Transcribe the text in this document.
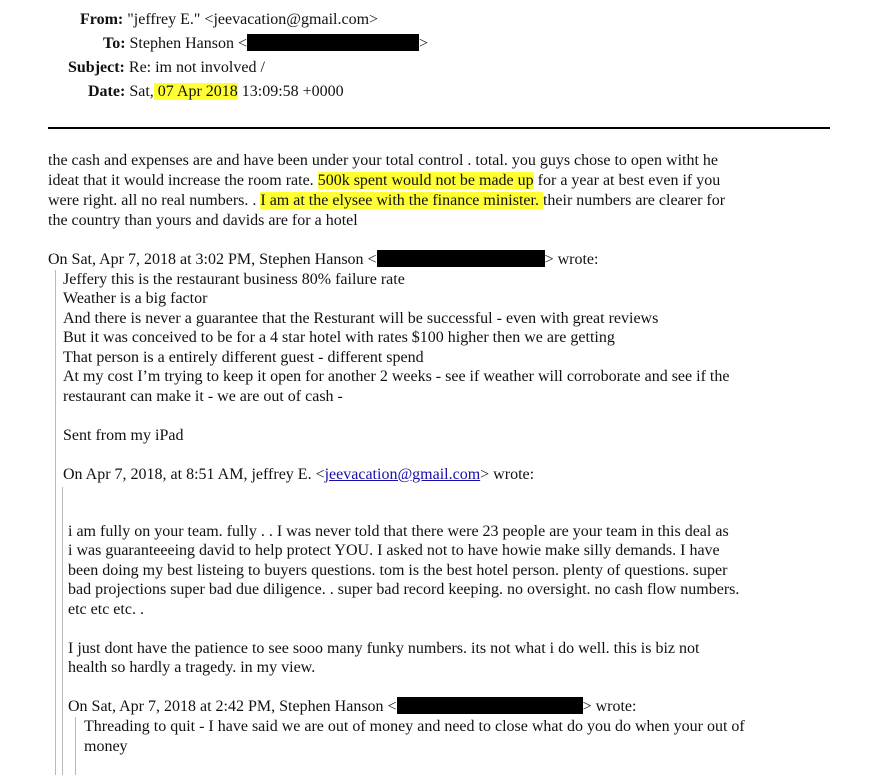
From: "jeffrey E." <jeevacation@gmail.com>
To: Stephen Hanson <	>
Subject: Re: im not involved /
Date: Sat, 07 Apr 2018 13:09:58 +0000
the cash and expenses are and have been under your total control . total. you guys chose to open witht he
ideat that it would increase the room rate. 500k spent would not be made up for a year at best even if you
were right. all no real numbers. . I am at the elysee with the finance minister. their numbers are clearer for
the country than yours and davids are for a hotel
On Sat, Apr 7, 2018 at 3:02 PM, Stephen Hanson <	> wrote:
Jeffery this is the restaurant business 80% failure rate
Weather is a big factor
And there is never a guarantee that the Resturant will be successful - even with great reviews
But it was conceived to be for a 4 star hotel with rates $100 higher then we are getting
That person is a entirely different guest - different spend
At my cost I’m trying to keep it open for another 2 weeks - see if weather will corroborate and see if the
restaurant can make it - we are out of cash -
Sent from my iPad
On Apr 7, 2018, at 8:51 AM, jeffrey E. <jeevacation@gmail.com> wrote:
i am fully on your team. fully . . I was never told that there were 23 people are your team in this deal as
i was guaranteeeing david to help protect YOU. I asked not to have howie make silly demands. I have
been doing my best listeing to buyers questions. tom is the best hotel person. plenty of questions. super
bad projections super bad due diligence. . super bad record keeping. no oversight. no cash flow numbers.
etc etc etc. .
I just dont have the patience to see sooo many funky numbers. its not what i do well. this is biz not
health so hardly a tragedy. in my view.
On Sat, Apr 7, 2018 at 2:42 PM, Stephen Hanson <	> wrote:
Threading to quit - I have said we are out of money and need to close what do you do when your out of
money
